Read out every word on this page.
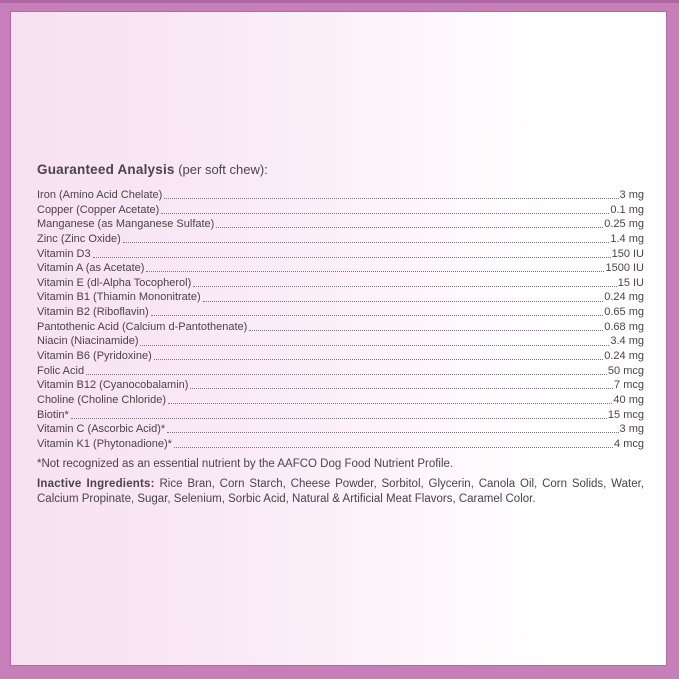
Guaranteed Analysis (per soft chew):
Iron (Amino Acid Chelate)	3 mg
Copper (Copper Acetate)	0.1 mg
Manganese (as Manganese Sulfate)	0.25 mg
Zinc (Zinc Oxide)	1.4 mg
Vitamin D3	150 IU
Vitamin A (as Acetate)	1500 IU
Vitamin E (dl-Alpha Tocopherol)	15 IU
Vitamin B1 (Thiamin Mononitrate)	0.24 mg
Vitamin B2 (Riboflavin)	0.65 mg
Pantothenic Acid (Calcium d-Pantothenate)	0.68 mg
Niacin (Niacinamide)	3.4 mg
Vitamin B6 (Pyridoxine)	0.24 mg
Folic Acid	50 mcg
Vitamin B12 (Cyanocobalamin)	7 mcg
Choline (Choline Chloride)	40 mg
Biotin*	15 mcg
Vitamin C (Ascorbic Acid)*	3 mg
Vitamin K1 (Phytonadione)*	4 mcg
*Not recognized as an essential nutrient by the AAFCO Dog Food Nutrient Profile.
Inactive Ingredients: Rice Bran, Corn Starch, Cheese Powder, Sorbitol, Glycerin, Canola Oil, Corn Solids, Water, Calcium Propinate, Sugar, Selenium, Sorbic Acid, Natural & Artificial Meat Flavors, Caramel Color.
